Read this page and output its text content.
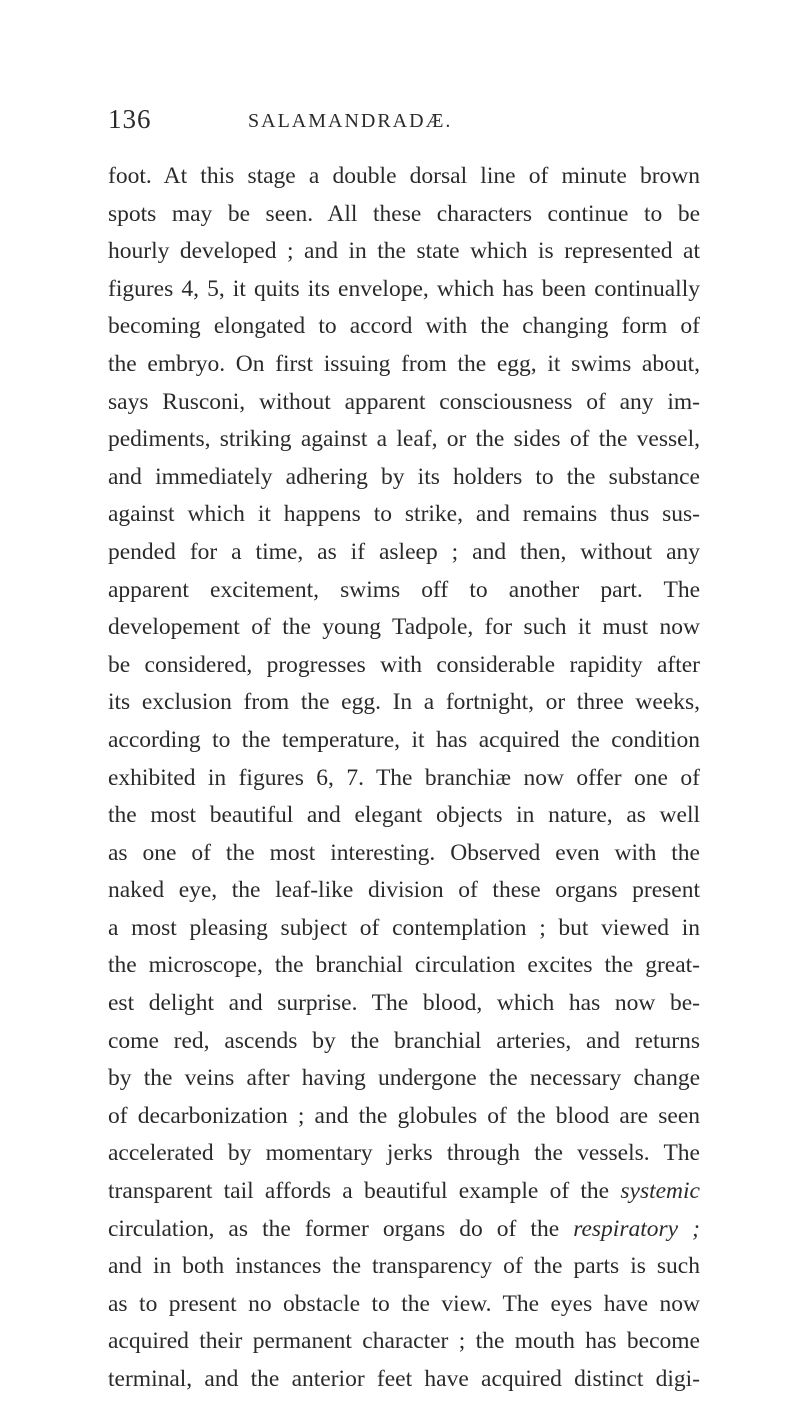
136	SALAMANDRADÆ.
foot. At this stage a double dorsal line of minute brown
spots may be seen. All these characters continue to be
hourly developed ; and in the state which is represented at
figures 4, 5, it quits its envelope, which has been continually
becoming elongated to accord with the changing form of
the embryo. On first issuing from the egg, it swims about,
says Rusconi, without apparent consciousness of any im-
pediments, striking against a leaf, or the sides of the vessel,
and immediately adhering by its holders to the substance
against which it happens to strike, and remains thus sus-
pended for a time, as if asleep ; and then, without any
apparent excitement, swims off to another part. The
developement of the young Tadpole, for such it must now
be considered, progresses with considerable rapidity after
its exclusion from the egg. In a fortnight, or three weeks,
according to the temperature, it has acquired the condition
exhibited in figures 6, 7. The branchiæ now offer one of
the most beautiful and elegant objects in nature, as well
as one of the most interesting. Observed even with the
naked eye, the leaf-like division of these organs present
a most pleasing subject of contemplation ; but viewed in
the microscope, the branchial circulation excites the great-
est delight and surprise. The blood, which has now be-
come red, ascends by the branchial arteries, and returns
by the veins after having undergone the necessary change
of decarbonization ; and the globules of the blood are seen
accelerated by momentary jerks through the vessels. The
transparent tail affords a beautiful example of the systemic
circulation, as the former organs do of the respiratory ;
and in both instances the transparency of the parts is such
as to present no obstacle to the view. The eyes have now
acquired their permanent character ; the mouth has become
terminal, and the anterior feet have acquired distinct digi-
